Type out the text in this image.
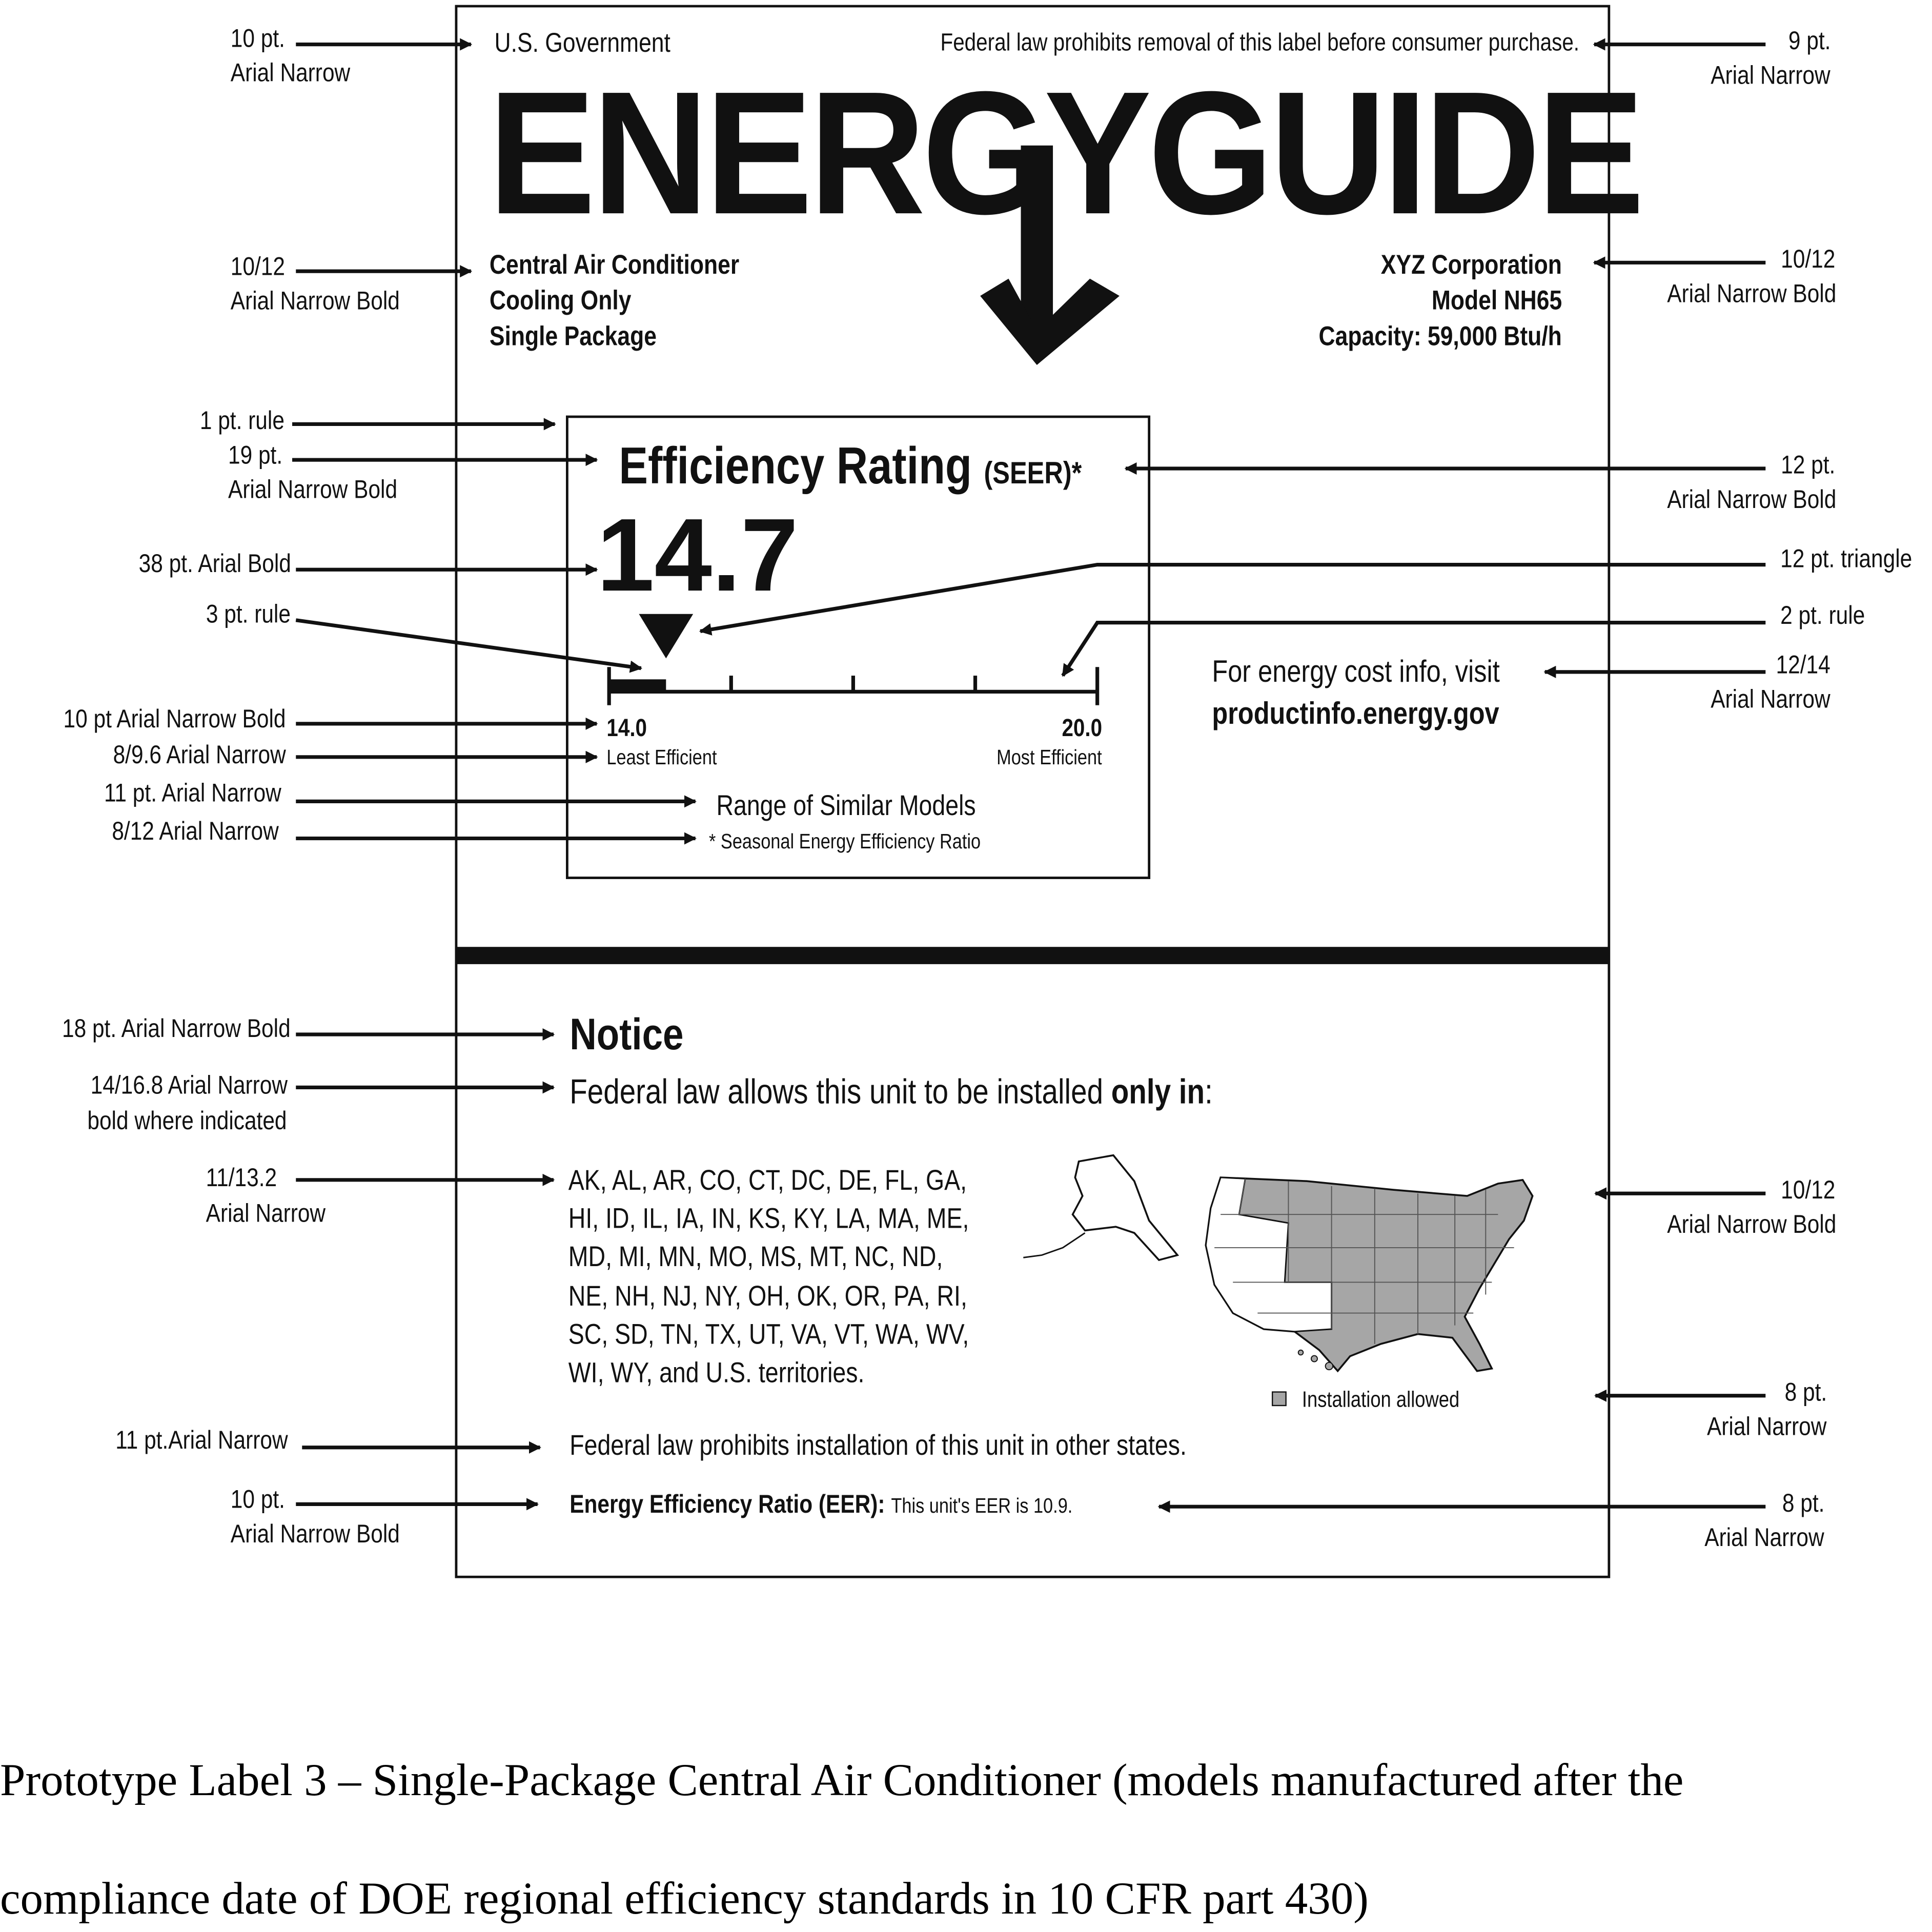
U.S. Government	Federal law prohibits removal of this label before consumer purchase.
ENERGYGUIDE
Central Air Conditioner
Cooling Only
Single Package
XYZ Corporation
Model NH65
Capacity: 59,000 Btu/h
Efficiency Rating (SEER)*
14.7
14.0	20.0
Least Efficient	Most Efficient
Range of Similar Models
* Seasonal Energy Efficiency Ratio
For energy cost info, visit
productinfo.energy.gov
Notice
Federal law allows this unit to be installed only in:
AK, AL, AR, CO, CT, DC, DE, FL, GA,
HI, ID, IL, IA, IN, KS, KY, LA, MA, ME,
MD, MI, MN, MO, MS, MT, NC, ND,
NE, NH, NJ, NY, OH, OK, OR, PA, RI,
SC, SD, TN, TX, UT, VA, VT, WA, WV,
WI, WY, and U.S. territories.
Installation allowed
Federal law prohibits installation of this unit in other states.
Energy Efficiency Ratio (EER): This unit's EER is 10.9.
10 pt.
Arial Narrow
10/12
Arial Narrow Bold
1 pt. rule
19 pt.
Arial Narrow Bold
38 pt. Arial Bold
3 pt. rule
10 pt Arial Narrow Bold
8/9.6 Arial Narrow
11 pt. Arial Narrow
8/12 Arial Narrow
18 pt. Arial Narrow Bold
14/16.8 Arial Narrow
bold where indicated
11/13.2
Arial Narrow
11 pt.Arial Narrow
10 pt.
Arial Narrow Bold
9 pt.
Arial Narrow
10/12
Arial Narrow Bold
12 pt.
Arial Narrow Bold
12 pt. triangle
2 pt. rule
12/14
Arial Narrow
10/12
Arial Narrow Bold
8 pt.
Arial Narrow
8 pt.
Arial Narrow
Prototype Label 3 – Single-Package Central Air Conditioner (models manufactured after the
compliance date of DOE regional efficiency standards in 10 CFR part 430)
